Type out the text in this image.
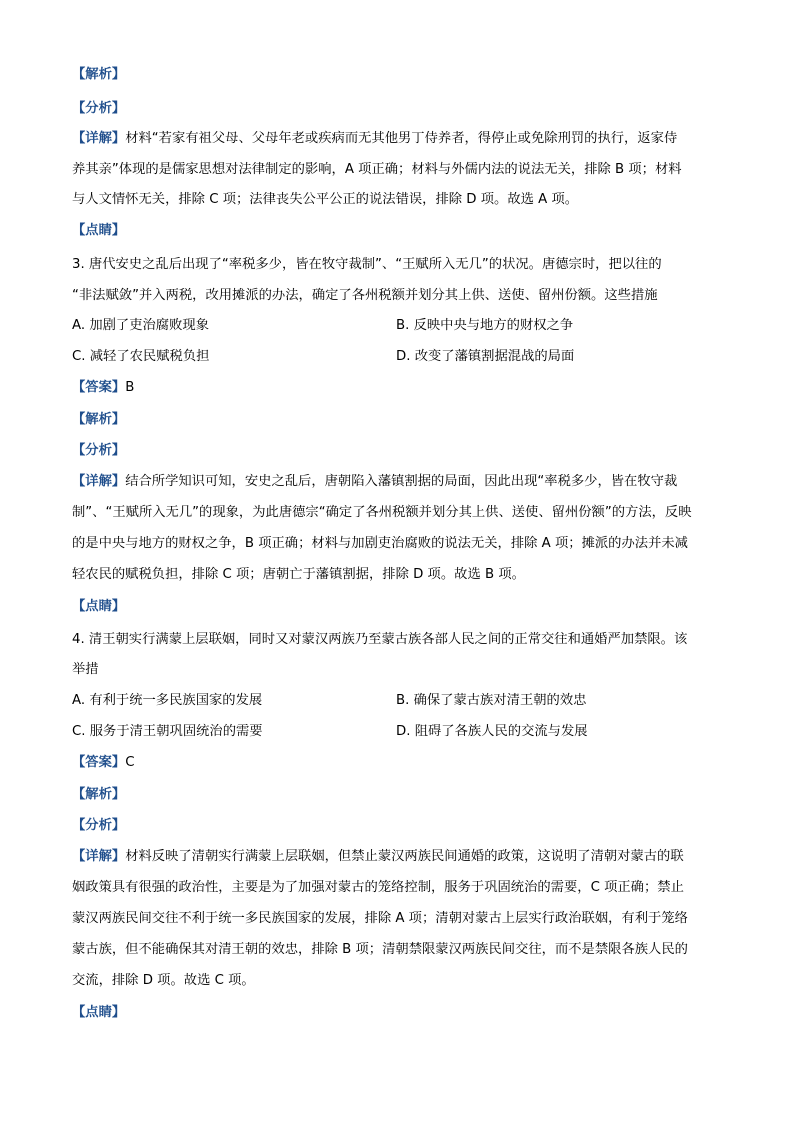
【解析】
【分析】
【详解】材料“若家有祖父母、父母年老或疾病而无其他男丁侍养者，得停止或免除刑罚的执行，返家侍
养其亲”体现的是儒家思想对法律制定的影响，A 项正确；材料与外儒内法的说法无关，排除 B 项；材料
与人文情怀无关，排除 C 项；法律丧失公平公正的说法错误，排除 D 项。故选 A 项。
【点睛】
3. 唐代安史之乱后出现了“率税多少，皆在牧守裁制”、“王赋所入无几”的状况。唐德宗时，把以往的
“非法赋敛”并入两税，改用摊派的办法，确定了各州税额并划分其上供、送使、留州份额。这些措施
A. 加剧了吏治腐败现象	B. 反映中央与地方的财权之争
C. 减轻了农民赋税负担	D. 改变了藩镇割据混战的局面
【答案】B
【解析】
【分析】
【详解】结合所学知识可知，安史之乱后，唐朝陷入藩镇割据的局面，因此出现“率税多少，皆在牧守裁
制”、“王赋所入无几”的现象，为此唐德宗“确定了各州税额并划分其上供、送使、留州份额”的方法，反映
的是中央与地方的财权之争，B 项正确；材料与加剧吏治腐败的说法无关，排除 A 项；摊派的办法并未减
轻农民的赋税负担，排除 C 项；唐朝亡于藩镇割据，排除 D 项。故选 B 项。
【点睛】
4. 清王朝实行满蒙上层联姻，同时又对蒙汉两族乃至蒙古族各部人民之间的正常交往和通婚严加禁限。该
举措
A. 有利于统一多民族国家的发展	B. 确保了蒙古族对清王朝的效忠
C. 服务于清王朝巩固统治的需要	D. 阻碍了各族人民的交流与发展
【答案】C
【解析】
【分析】
【详解】材料反映了清朝实行满蒙上层联姻，但禁止蒙汉两族民间通婚的政策，这说明了清朝对蒙古的联
姻政策具有很强的政治性，主要是为了加强对蒙古的笼络控制，服务于巩固统治的需要，C 项正确；禁止
蒙汉两族民间交往不利于统一多民族国家的发展，排除 A 项；清朝对蒙古上层实行政治联姻，有利于笼络
蒙古族，但不能确保其对清王朝的效忠，排除 B 项；清朝禁限蒙汉两族民间交往，而不是禁限各族人民的
交流，排除 D 项。故选 C 项。
【点睛】
